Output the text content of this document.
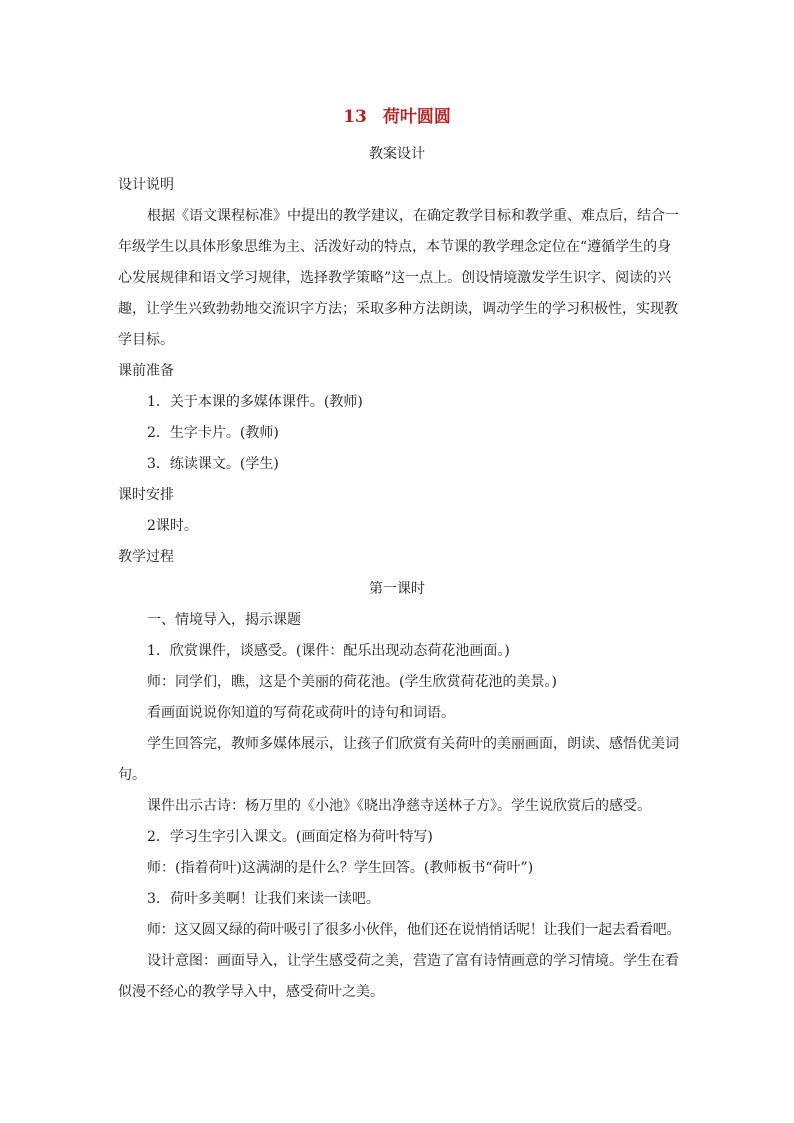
13 荷叶圆圆
教案设计
设计说明
根据《语文课程标准》中提出的教学建议，在确定教学目标和教学重、难点后，结合一
年级学生以具体形象思维为主、活泼好动的特点，本节课的教学理念定位在“遵循学生的身
心发展规律和语文学习规律，选择教学策略”这一点上。创设情境激发学生识字、阅读的兴
趣，让学生兴致勃勃地交流识字方法；采取多种方法朗读，调动学生的学习积极性，实现教
学目标。
课前准备
1．关于本课的多媒体课件。(教师)
2．生字卡片。(教师)
3．练读课文。(学生)
课时安排
2课时。
教学过程
第一课时
一、情境导入，揭示课题
1．欣赏课件，谈感受。(课件：配乐出现动态荷花池画面。)
师：同学们，瞧，这是个美丽的荷花池。(学生欣赏荷花池的美景。)
看画面说说你知道的写荷花或荷叶的诗句和词语。
学生回答完，教师多媒体展示，让孩子们欣赏有关荷叶的美丽画面，朗读、感悟优美词
句。
课件出示古诗：杨万里的《小池》《晓出净慈寺送林子方》。学生说欣赏后的感受。
2．学习生字引入课文。(画面定格为荷叶特写)
师：(指着荷叶)这满湖的是什么？学生回答。(教师板书“荷叶”)
3．荷叶多美啊！让我们来读一读吧。
师：这又圆又绿的荷叶吸引了很多小伙伴，他们还在说悄悄话呢！让我们一起去看看吧。
设计意图：画面导入，让学生感受荷之美，营造了富有诗情画意的学习情境。学生在看
似漫不经心的教学导入中，感受荷叶之美。
